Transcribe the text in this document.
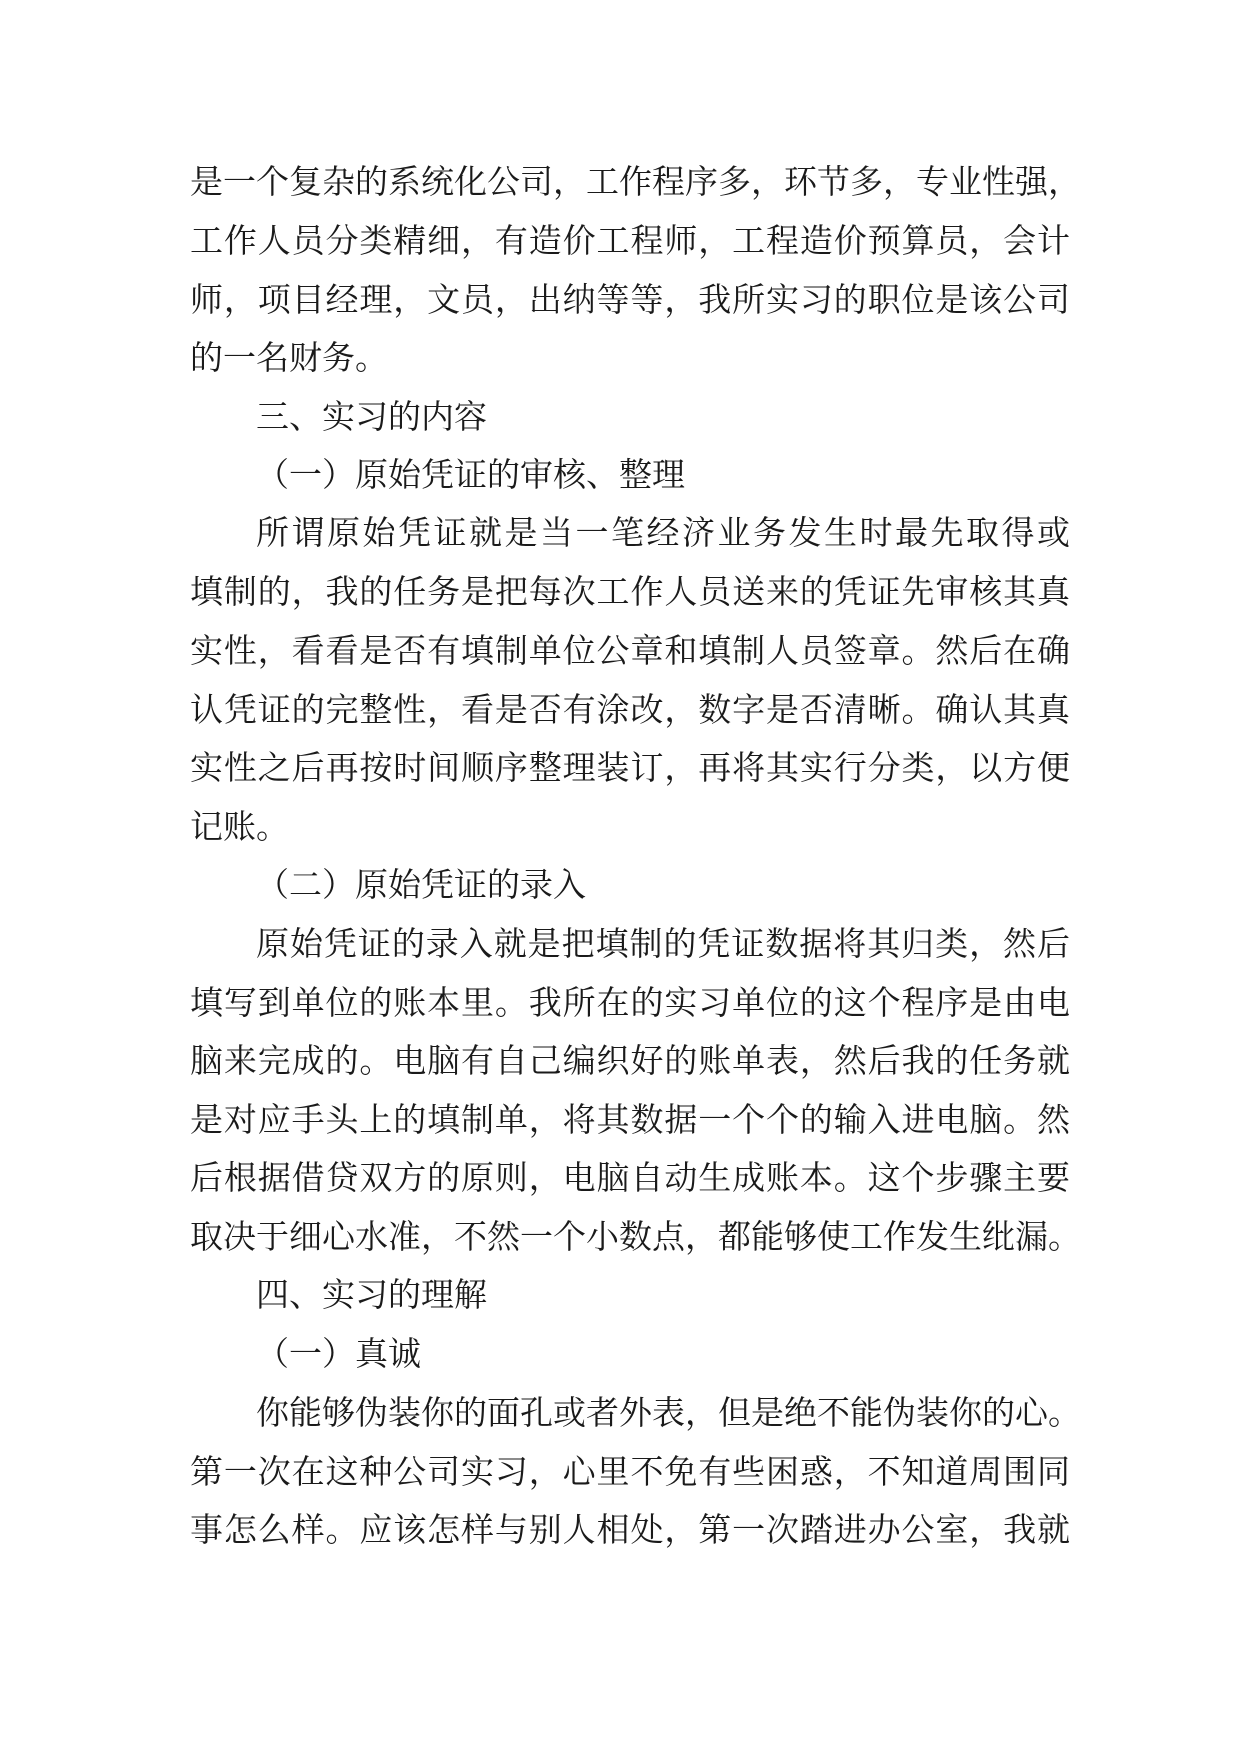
是一个复杂的系统化公司，工作程序多，环节多，专业性强，
工作人员分类精细，有造价工程师，工程造价预算员，会计
师，项目经理，文员，出纳等等，我所实习的职位是该公司
的一名财务。
三、实习的内容
（一）原始凭证的审核、整理
所谓原始凭证就是当一笔经济业务发生时最先取得或
填制的，我的任务是把每次工作人员送来的凭证先审核其真
实性，看看是否有填制单位公章和填制人员签章。然后在确
认凭证的完整性，看是否有涂改，数字是否清晰。确认其真
实性之后再按时间顺序整理装订，再将其实行分类，以方便
记账。
（二）原始凭证的录入
原始凭证的录入就是把填制的凭证数据将其归类，然后
填写到单位的账本里。我所在的实习单位的这个程序是由电
脑来完成的。电脑有自己编织好的账单表，然后我的任务就
是对应手头上的填制单，将其数据一个个的输入进电脑。然
后根据借贷双方的原则，电脑自动生成账本。这个步骤主要
取决于细心水准，不然一个小数点，都能够使工作发生纰漏。
四、实习的理解
（一）真诚
你能够伪装你的面孔或者外表，但是绝不能伪装你的心。
第一次在这种公司实习，心里不免有些困惑，不知道周围同
事怎么样。应该怎样与别人相处，第一次踏进办公室，我就
